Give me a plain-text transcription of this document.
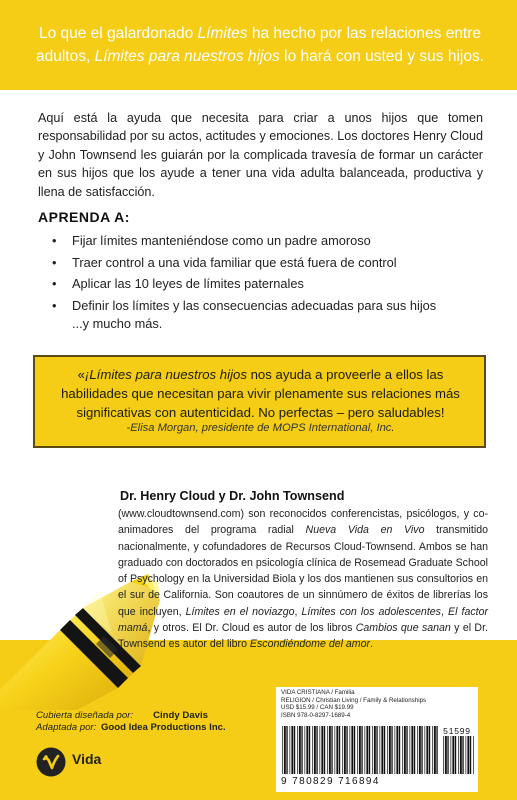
Lo que el galardonado Límites ha hecho por las relaciones entre adultos, Límites para nuestros hijos lo hará con usted y sus hijos.

Aquí está la ayuda que necesita para criar a unos hijos que tomen responsabilidad por su actos, actitudes y emociones. Los doctores Henry Cloud y John Townsend les guiarán por la complicada travesía de formar un carácter en sus hijos que los ayude a tener una vida adulta balanceada, productiva y llena de satisfacción.

APRENDA A:
• Fijar límites manteniéndose como un padre amoroso
• Traer control a una vida familiar que está fuera de control
• Aplicar las 10 leyes de límites paternales
• Definir los límites y las consecuencias adecuadas para sus hijos
...y mucho más.

«¡Límites para nuestros hijos nos ayuda a proveerle a ellos las habilidades que necesitan para vivir plenamente sus relaciones más significativas con autenticidad. No perfectas – pero saludables!

-Elisa Morgan, presidente de MOPS International, Inc.
Dr. Henry Cloud y Dr. John Townsend

(www.cloudtownsend.com) son reconocidos conferencistas, psicólogos, y co-animadores del programa radial Nueva Vida en Vivo transmitido nacionalmente, y cofundadores de Recursos Cloud-Townsend. Ambos se han graduado con doctorados en psicología clínica de Rosemead Graduate School of Psychology en la Universidad Biola y los dos mantienen sus consultorios en el sur de California. Son coautores de un sinnúmero de éxitos de librerías los que incluyen, Límites en el noviazgo, Límites con los adolescentes, El factor mamá, y otros. El Dr. Cloud es autor de los libros Cambios que sanan y el Dr. Townsend es autor del libro Escondiéndome del amor.

Cubierta diseñada por: Cindy Davis
Adaptada por: Good Idea Productions Inc.
Vida
VIDA CRISTIANA / Familia
RELIGION / Christian Living / Family & Relationships
USD $15.99 / CAN $19.99
ISBN 978-0-8297-1689-4
9 780829 716894
51599
